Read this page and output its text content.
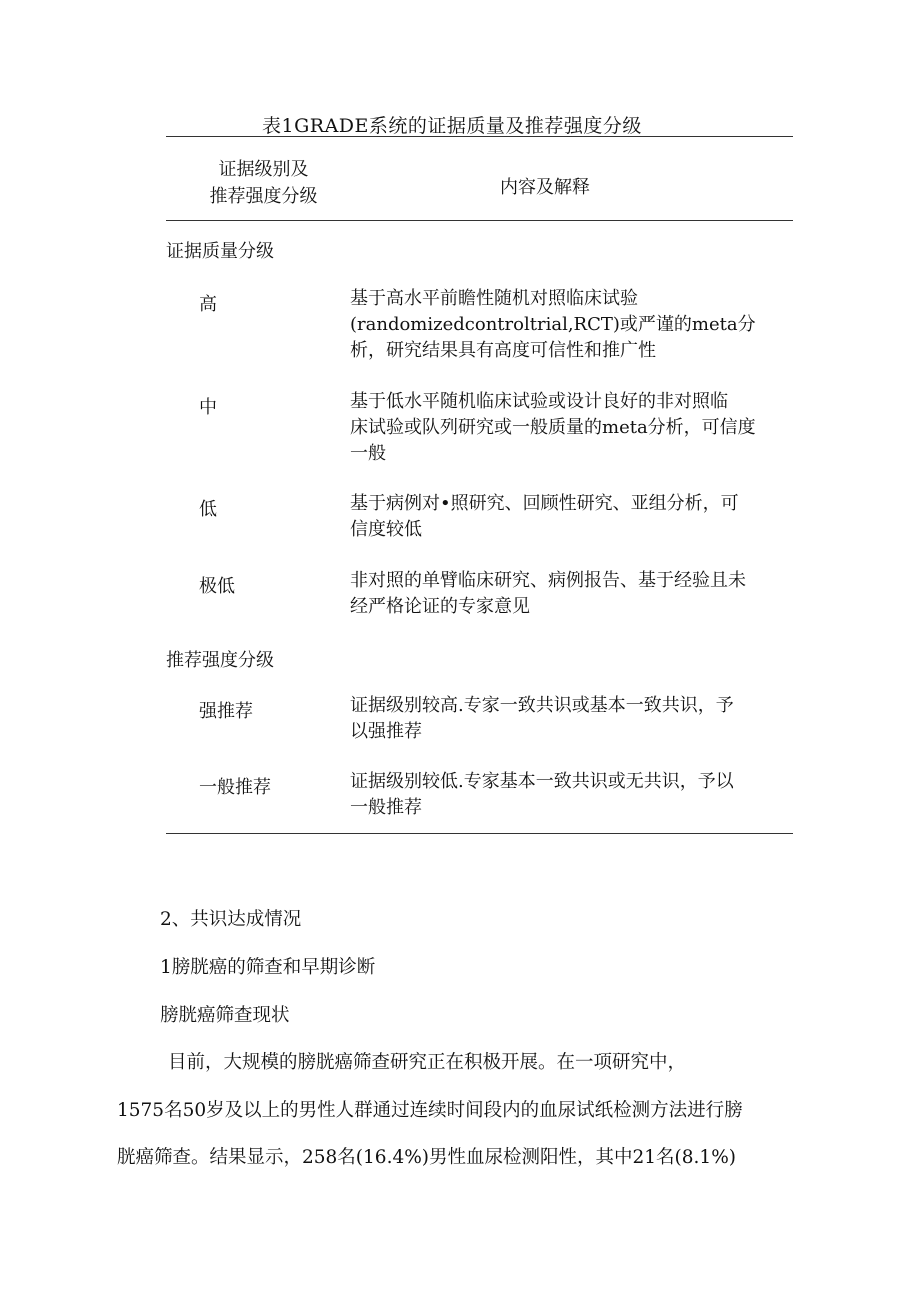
表1GRADE系统的证据质量及推荐强度分级
证据级别及
推荐强度分级	内容及解释
证据质量分级
高	基于高水平前瞻性随机对照临床试验
(randomizedcontroltrial,RCT)或严谨的meta分
析，研究结果具有高度可信性和推广性
中	基于低水平随机临床试验或设计良好的非对照临
床试验或队列研究或一般质量的meta分析，可信度
一般
低	基于病例对•照研究、回顾性研究、亚组分析，可
信度较低
极低	非对照的单臂临床研究、病例报告、基于经验且未
经严格论证的专家意见
推荐强度分级
强推荐	证据级别较高.专家一致共识或基本一致共识，予
以强推荐
一般推荐	证据级别较低.专家基本一致共识或无共识，予以
一般推荐
2、共识达成情况
1膀胱癌的筛查和早期诊断
膀胱癌筛查现状
目前，大规模的膀胱癌筛查研究正在积极开展。在一项研究中，
1575名50岁及以上的男性人群通过连续时间段内的血尿试纸检测方法进行膀
胱癌筛查。结果显示，258名(16.4%)男性血尿检测阳性，其中21名(8.1%)
